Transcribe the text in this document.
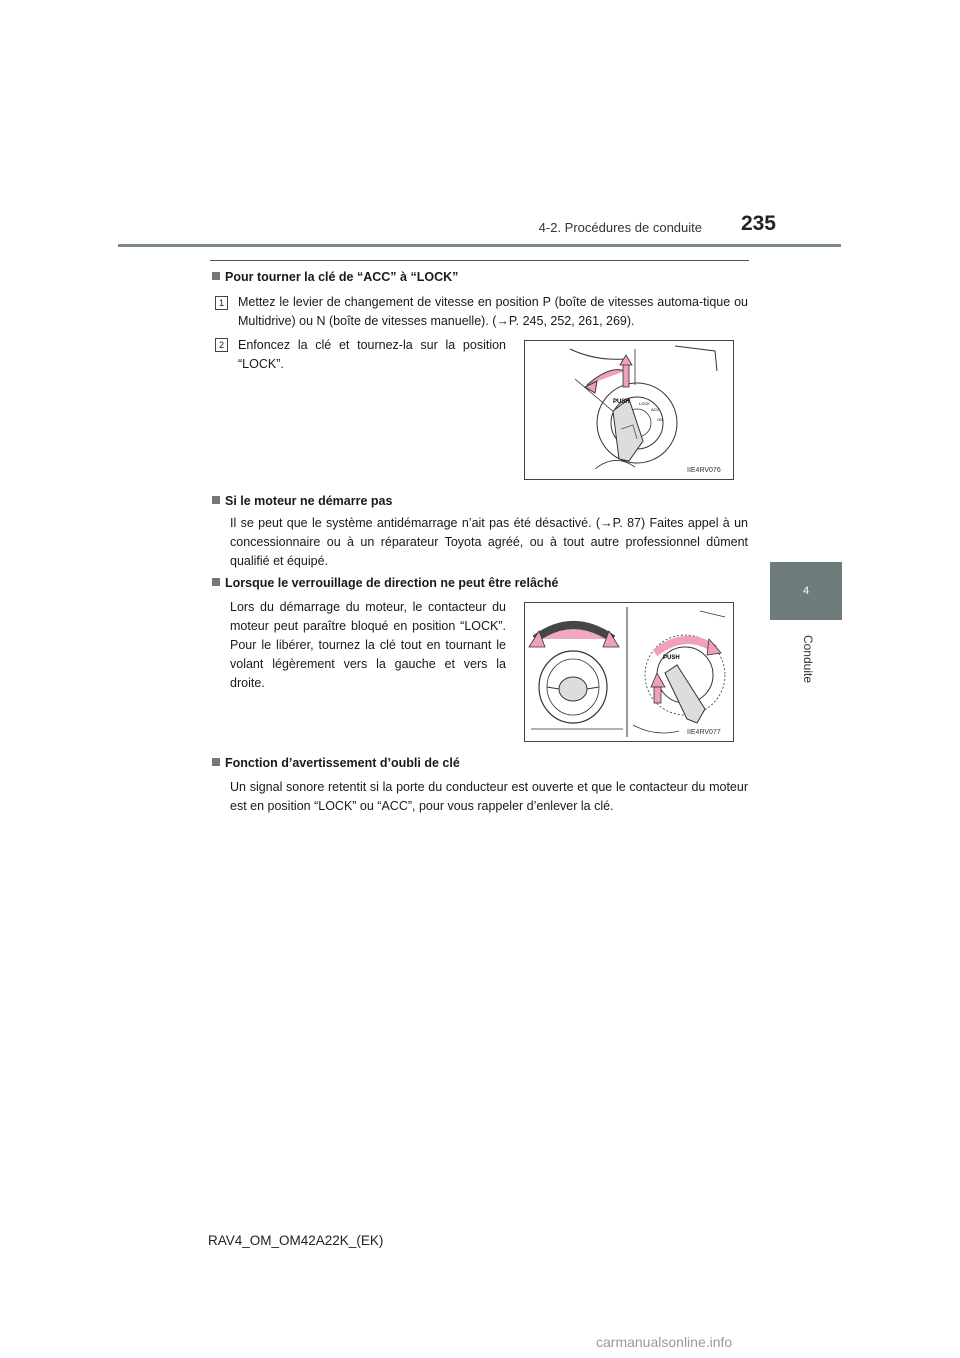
4-2. Procédures de conduite	235
4
Conduite
Pour tourner la clé de “ACC” à “LOCK”
1	Mettez le levier de changement de vitesse en position P (boîte de vitesses automa-tique ou Multidrive) ou N (boîte de vitesses manuelle). (→P. 245, 252, 261, 269).
2	Enfoncez la clé et tournez-la sur la position “LOCK”.
PUSH LOCK
ACC
ON
IIE4RV076
Si le moteur ne démarre pas
Il se peut que le système antidémarrage n’ait pas été désactivé. (→P. 87) Faites appel à un concessionnaire ou à un réparateur Toyota agréé, ou à tout autre professionnel dûment qualifié et équipé.
Lorsque le verrouillage de direction ne peut être relâché
Lors du démarrage du moteur, le contacteur du moteur peut paraître bloqué en position “LOCK”. Pour le libérer, tournez la clé tout en tournant le volant légèrement vers la gauche et vers la droite.
PUSH
IIE4RV077
Fonction d’avertissement d’oubli de clé
Un signal sonore retentit si la porte du conducteur est ouverte et que le contacteur du moteur est en position “LOCK” ou “ACC”, pour vous rappeler d’enlever la clé.
RAV4_OM_OM42A22K_(EK)
carmanualsonline.info
